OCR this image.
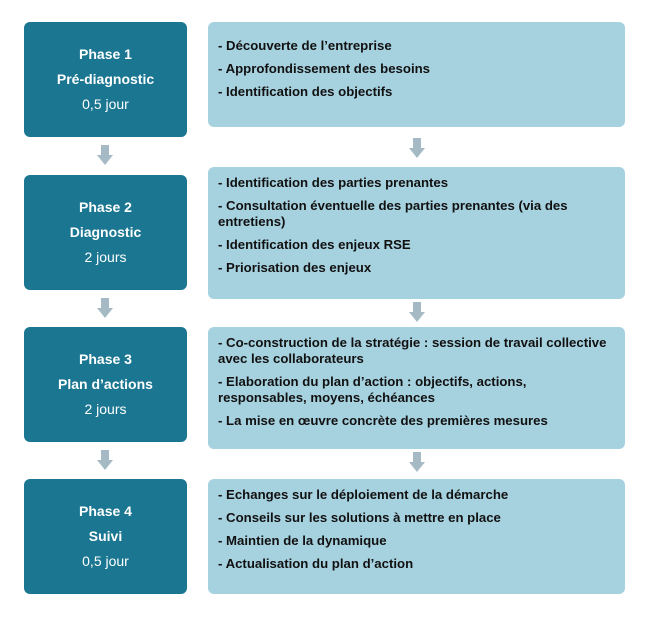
Phase 1
Pré-diagnostic
0,5 jour
- Découverte de l’entreprise
- Approfondissement des besoins
- Identification des objectifs
Phase 2
Diagnostic
2 jours
- Identification des parties prenantes
- Consultation éventuelle des parties prenantes (via des entretiens)
- Identification des enjeux RSE
- Priorisation des enjeux
Phase 3
Plan d’actions
2 jours
- Co-construction de la stratégie : session de travail collective avec les collaborateurs
- Elaboration du plan d’action : objectifs, actions, responsables, moyens, échéances
- La mise en œuvre concrète des premières mesures
Phase 4
Suivi
0,5 jour
- Echanges sur le déploiement de la démarche
- Conseils sur les solutions à mettre en place
- Maintien de la dynamique
- Actualisation du plan d’action
